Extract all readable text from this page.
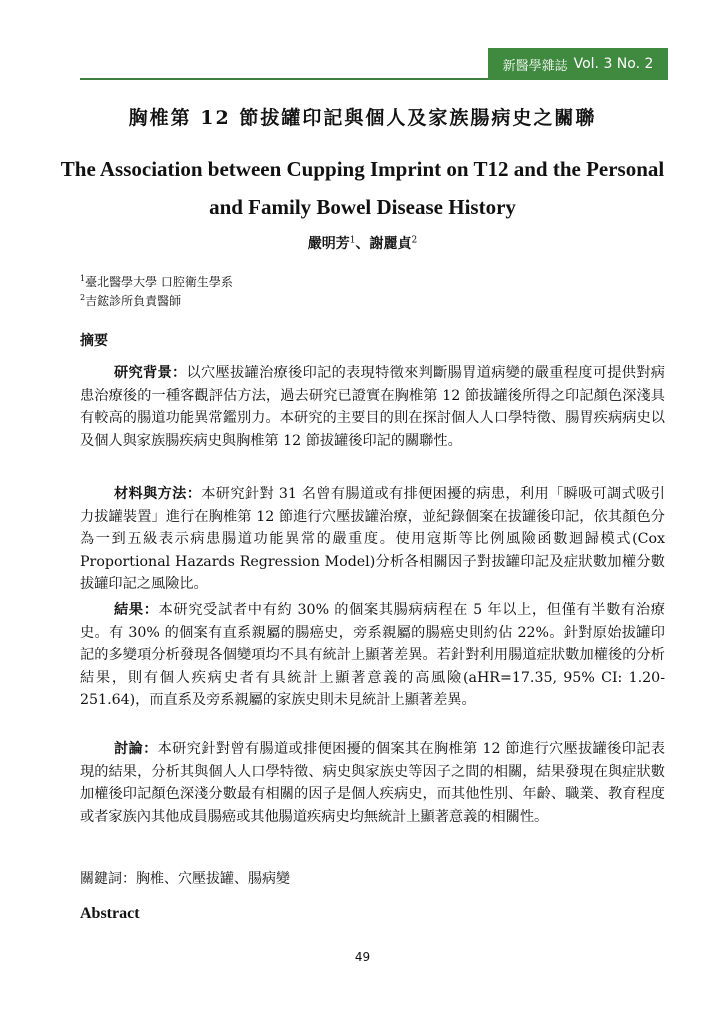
新醫學雜誌 Vol. 3 No. 2
胸椎第 12 節拔罐印記與個人及家族腸病史之關聯
The Association between Cupping Imprint on T12 and the Personal and Family Bowel Disease History
嚴明芳$^1$、謝麗貞$^2$
$^1$臺北醫學大學 口腔衛生學系
$^2$吉鋐診所負責醫師
摘要

研究背景：以穴壓拔罐治療後印記的表現特徵來判斷腸胃道病變的嚴重程度可提供對病患治療後的一種客觀評估方法，過去研究已證實在胸椎第 12 節拔罐後所得之印記顏色深淺具有較高的腸道功能異常鑑別力。本研究的主要目的則在探討個人人口學特徵、腸胃疾病病史以及個人與家族腸疾病史與胸椎第 12 節拔罐後印記的關聯性。

材料與方法：本研究針對 31 名曾有腸道或有排便困擾的病患，利用「瞬吸可調式吸引力拔罐裝置」進行在胸椎第 12 節進行穴壓拔罐治療，並紀錄個案在拔罐後印記，依其顏色分為一到五級表示病患腸道功能異常的嚴重度。使用寇斯等比例風險函數迴歸模式(Cox Proportional Hazards Regression Model)分析各相關因子對拔罐印記及症狀數加權分數拔罐印記之風險比。

結果：本研究受試者中有約 30% 的個案其腸病病程在 5 年以上，但僅有半數有治療史。有 30% 的個案有直系親屬的腸癌史，旁系親屬的腸癌史則約佔 22%。針對原始拔罐印記的多變項分析發現各個變項均不具有統計上顯著差異。若針對利用腸道症狀數加權後的分析結果，則有個人疾病史者有具統計上顯著意義的高風險(aHR=17.35, 95% CI: 1.20-251.64)，而直系及旁系親屬的家族史則未見統計上顯著差異。

討論：本研究針對曾有腸道或排便困擾的個案其在胸椎第 12 節進行穴壓拔罐後印記表現的結果，分析其與個人人口學特徵、病史與家族史等因子之間的相關，結果發現在與症狀數加權後印記顏色深淺分數最有相關的因子是個人疾病史，而其他性別、年齡、職業、教育程度或者家族內其他成員腸癌或其他腸道疾病史均無統計上顯著意義的相關性。

關鍵詞：胸椎、穴壓拔罐、腸病變
Abstract
49
